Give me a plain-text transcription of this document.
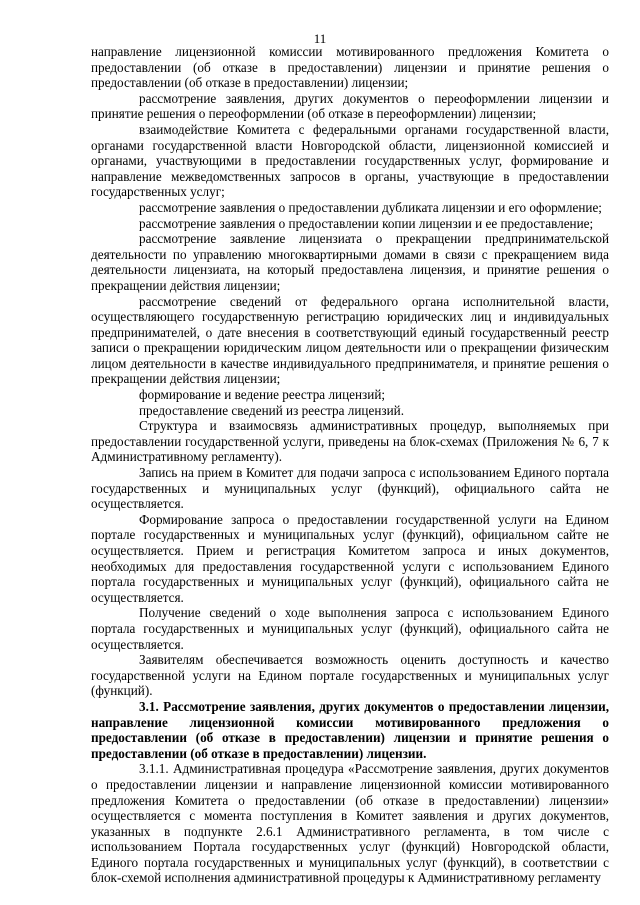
11

направление лицензионной комиссии мотивированного предложения Комитета о предоставлении (об отказе в предоставлении) лицензии и принятие решения о предоставлении (об отказе в предоставлении) лицензии;

рассмотрение заявления, других документов о переоформлении лицензии и принятие решения о переоформлении (об отказе в переоформлении) лицензии;

взаимодействие Комитета с федеральными органами государственной власти, органами государственной власти Новгородской области, лицензионной комиссией и органами, участвующими в предоставлении государственных услуг, формирование и направление межведомственных запросов в органы, участвующие в предоставлении государственных услуг;

рассмотрение заявления о предоставлении дубликата лицензии и его оформление;

рассмотрение заявления о предоставлении копии лицензии и ее предоставление;

рассмотрение заявление лицензиата о прекращении предпринимательской деятельности по управлению многоквартирными домами в связи с прекращением вида деятельности лицензиата, на который предоставлена лицензия, и принятие решения о прекращении действия лицензии;

рассмотрение сведений от федерального органа исполнительной власти, осуществляющего государственную регистрацию юридических лиц и индивидуальных предпринимателей, о дате внесения в соответствующий единый государственный реестр записи о прекращении юридическим лицом деятельности или о прекращении физическим лицом деятельности в качестве индивидуального предпринимателя, и принятие решения о прекращении действия лицензии;

формирование и ведение реестра лицензий;

предоставление сведений из реестра лицензий.

Структура и взаимосвязь административных процедур, выполняемых при предоставлении государственной услуги, приведены на блок-схемах (Приложения № 6, 7 к Административному регламенту).

Запись на прием в Комитет для подачи запроса с использованием Единого портала государственных и муниципальных услуг (функций), официального сайта не осуществляется.

Формирование запроса о предоставлении государственной услуги на Едином портале государственных и муниципальных услуг (функций), официальном сайте не осуществляется. Прием и регистрация Комитетом запроса и иных документов, необходимых для предоставления государственной услуги с использованием Единого портала государственных и муниципальных услуг (функций), официального сайта не осуществляется.

Получение сведений о ходе выполнения запроса с использованием Единого портала государственных и муниципальных услуг (функций), официального сайта не осуществляется.

Заявителям обеспечивается возможность оценить доступность и качество государственной услуги на Едином портале государственных и муниципальных услуг (функций).

3.1. Рассмотрение заявления, других документов о предоставлении лицензии, направление лицензионной комиссии мотивированного предложения о предоставлении (об отказе в предоставлении) лицензии и принятие решения о предоставлении (об отказе в предоставлении) лицензии.

3.1.1. Административная процедура «Рассмотрение заявления, других документов о предоставлении лицензии и направление лицензионной комиссии мотивированного предложения Комитета о предоставлении (об отказе в предоставлении) лицензии» осуществляется с момента поступления в Комитет заявления и других документов, указанных в подпункте 2.6.1 Административного регламента, в том числе с использованием Портала государственных услуг (функций) Новгородской области, Единого портала государственных и муниципальных услуг (функций), в соответствии с блок-схемой исполнения административной процедуры к Административному регламенту
